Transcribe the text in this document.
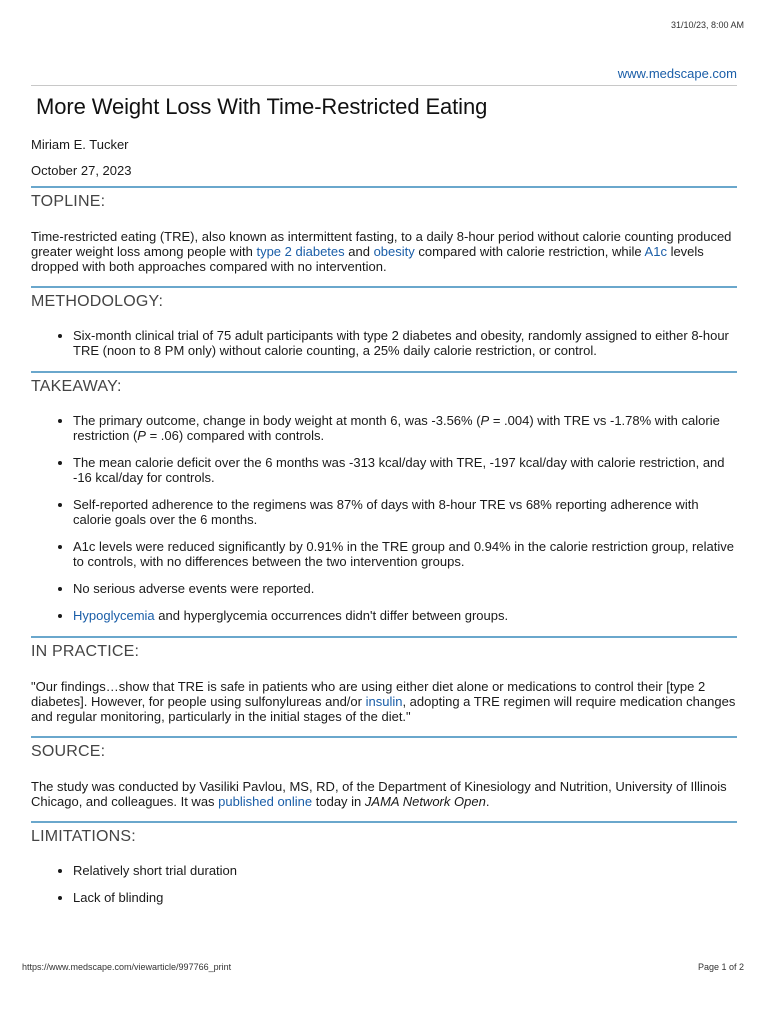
31/10/23, 8:00 AM
www.medscape.com
More Weight Loss With Time-Restricted Eating
Miriam E. Tucker
October 27, 2023
TOPLINE:
Time-restricted eating (TRE), also known as intermittent fasting, to a daily 8-hour period without calorie counting produced greater weight loss among people with type 2 diabetes and obesity compared with calorie restriction, while A1c levels dropped with both approaches compared with no intervention.
METHODOLOGY:
• Six-month clinical trial of 75 adult participants with type 2 diabetes and obesity, randomly assigned to either 8-hour TRE (noon to 8 PM only) without calorie counting, a 25% daily calorie restriction, or control.
TAKEAWAY:
• The primary outcome, change in body weight at month 6, was -3.56% (P = .004) with TRE vs -1.78% with calorie restriction (P = .06) compared with controls.
• The mean calorie deficit over the 6 months was -313 kcal/day with TRE, -197 kcal/day with calorie restriction, and -16 kcal/day for controls.
• Self-reported adherence to the regimens was 87% of days with 8-hour TRE vs 68% reporting adherence with calorie goals over the 6 months.
• A1c levels were reduced significantly by 0.91% in the TRE group and 0.94% in the calorie restriction group, relative to controls, with no differences between the two intervention groups.
• No serious adverse events were reported.
• Hypoglycemia and hyperglycemia occurrences didn't differ between groups.
IN PRACTICE:
"Our findings…show that TRE is safe in patients who are using either diet alone or medications to control their [type 2 diabetes]. However, for people using sulfonylureas and/or insulin, adopting a TRE regimen will require medication changes and regular monitoring, particularly in the initial stages of the diet."
SOURCE:
The study was conducted by Vasiliki Pavlou, MS, RD, of the Department of Kinesiology and Nutrition, University of Illinois Chicago, and colleagues. It was published online today in JAMA Network Open.
LIMITATIONS:
• Relatively short trial duration
• Lack of blinding
https://www.medscape.com/viewarticle/997766_print	Page 1 of 2
